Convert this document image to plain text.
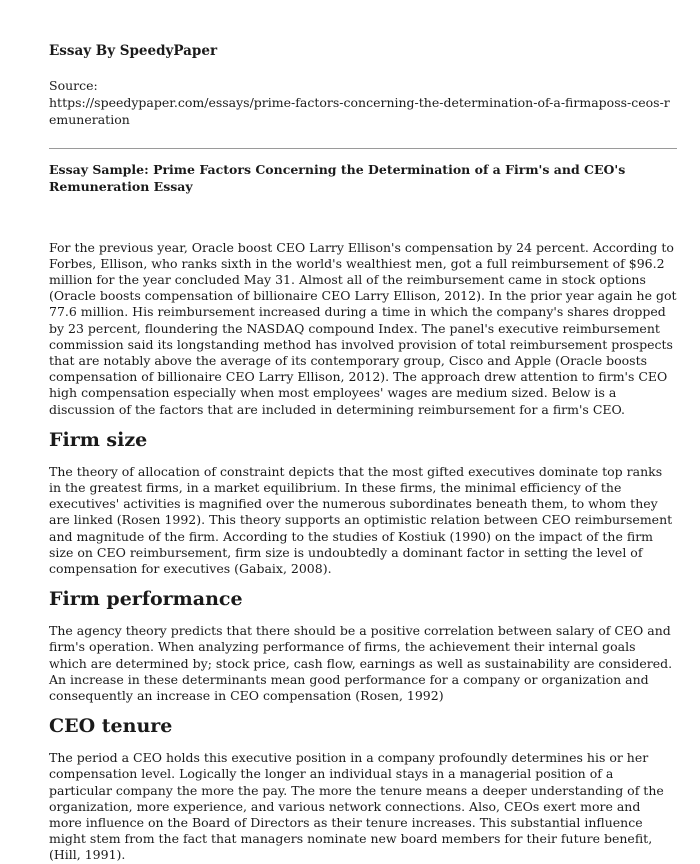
Essay By SpeedyPaper
Source:
https://speedypaper.com/essays/prime-factors-concerning-the-determination-of-a-firmaposs-ceos-remuneration
Essay Sample: Prime Factors Concerning the Determination of a Firm's and CEO's Remuneration Essay

For the previous year, Oracle boost CEO Larry Ellison's compensation by 24 percent. According to Forbes, Ellison, who ranks sixth in the world's wealthiest men, got a full reimbursement of $96.2 million for the year concluded May 31. Almost all of the reimbursement came in stock options (Oracle boosts compensation of billionaire CEO Larry Ellison, 2012). In the prior year again he got 77.6 million. His reimbursement increased during a time in which the company's shares dropped by 23 percent, floundering the NASDAQ compound Index. The panel's executive reimbursement commission said its longstanding method has involved provision of total reimbursement prospects that are notably above the average of its contemporary group, Cisco and Apple (Oracle boosts compensation of billionaire CEO Larry Ellison, 2012). The approach drew attention to firm's CEO high compensation especially when most employees' wages are medium sized. Below is a discussion of the factors that are included in determining reimbursement for a firm's CEO.

Firm size

The theory of allocation of constraint depicts that the most gifted executives dominate top ranks in the greatest firms, in a market equilibrium. In these firms, the minimal efficiency of the executives' activities is magnified over the numerous subordinates beneath them, to whom they are linked (Rosen 1992). This theory supports an optimistic relation between CEO reimbursement and magnitude of the firm. According to the studies of Kostiuk (1990) on the impact of the firm size on CEO reimbursement, firm size is undoubtedly a dominant factor in setting the level of compensation for executives (Gabaix, 2008).

Firm performance

The agency theory predicts that there should be a positive correlation between salary of CEO and firm's operation. When analyzing performance of firms, the achievement their internal goals which are determined by; stock price, cash flow, earnings as well as sustainability are considered. An increase in these determinants mean good performance for a company or organization and consequently an increase in CEO compensation (Rosen, 1992)

CEO tenure

The period a CEO holds this executive position in a company profoundly determines his or her compensation level. Logically the longer an individual stays in a managerial position of a particular company the more the pay. The more the tenure means a deeper understanding of the organization, more experience, and various network connections. Also, CEOs exert more and more influence on the Board of Directors as their tenure increases. This substantial influence might stem from the fact that managers nominate new board members for their future benefit, (Hill, 1991).
